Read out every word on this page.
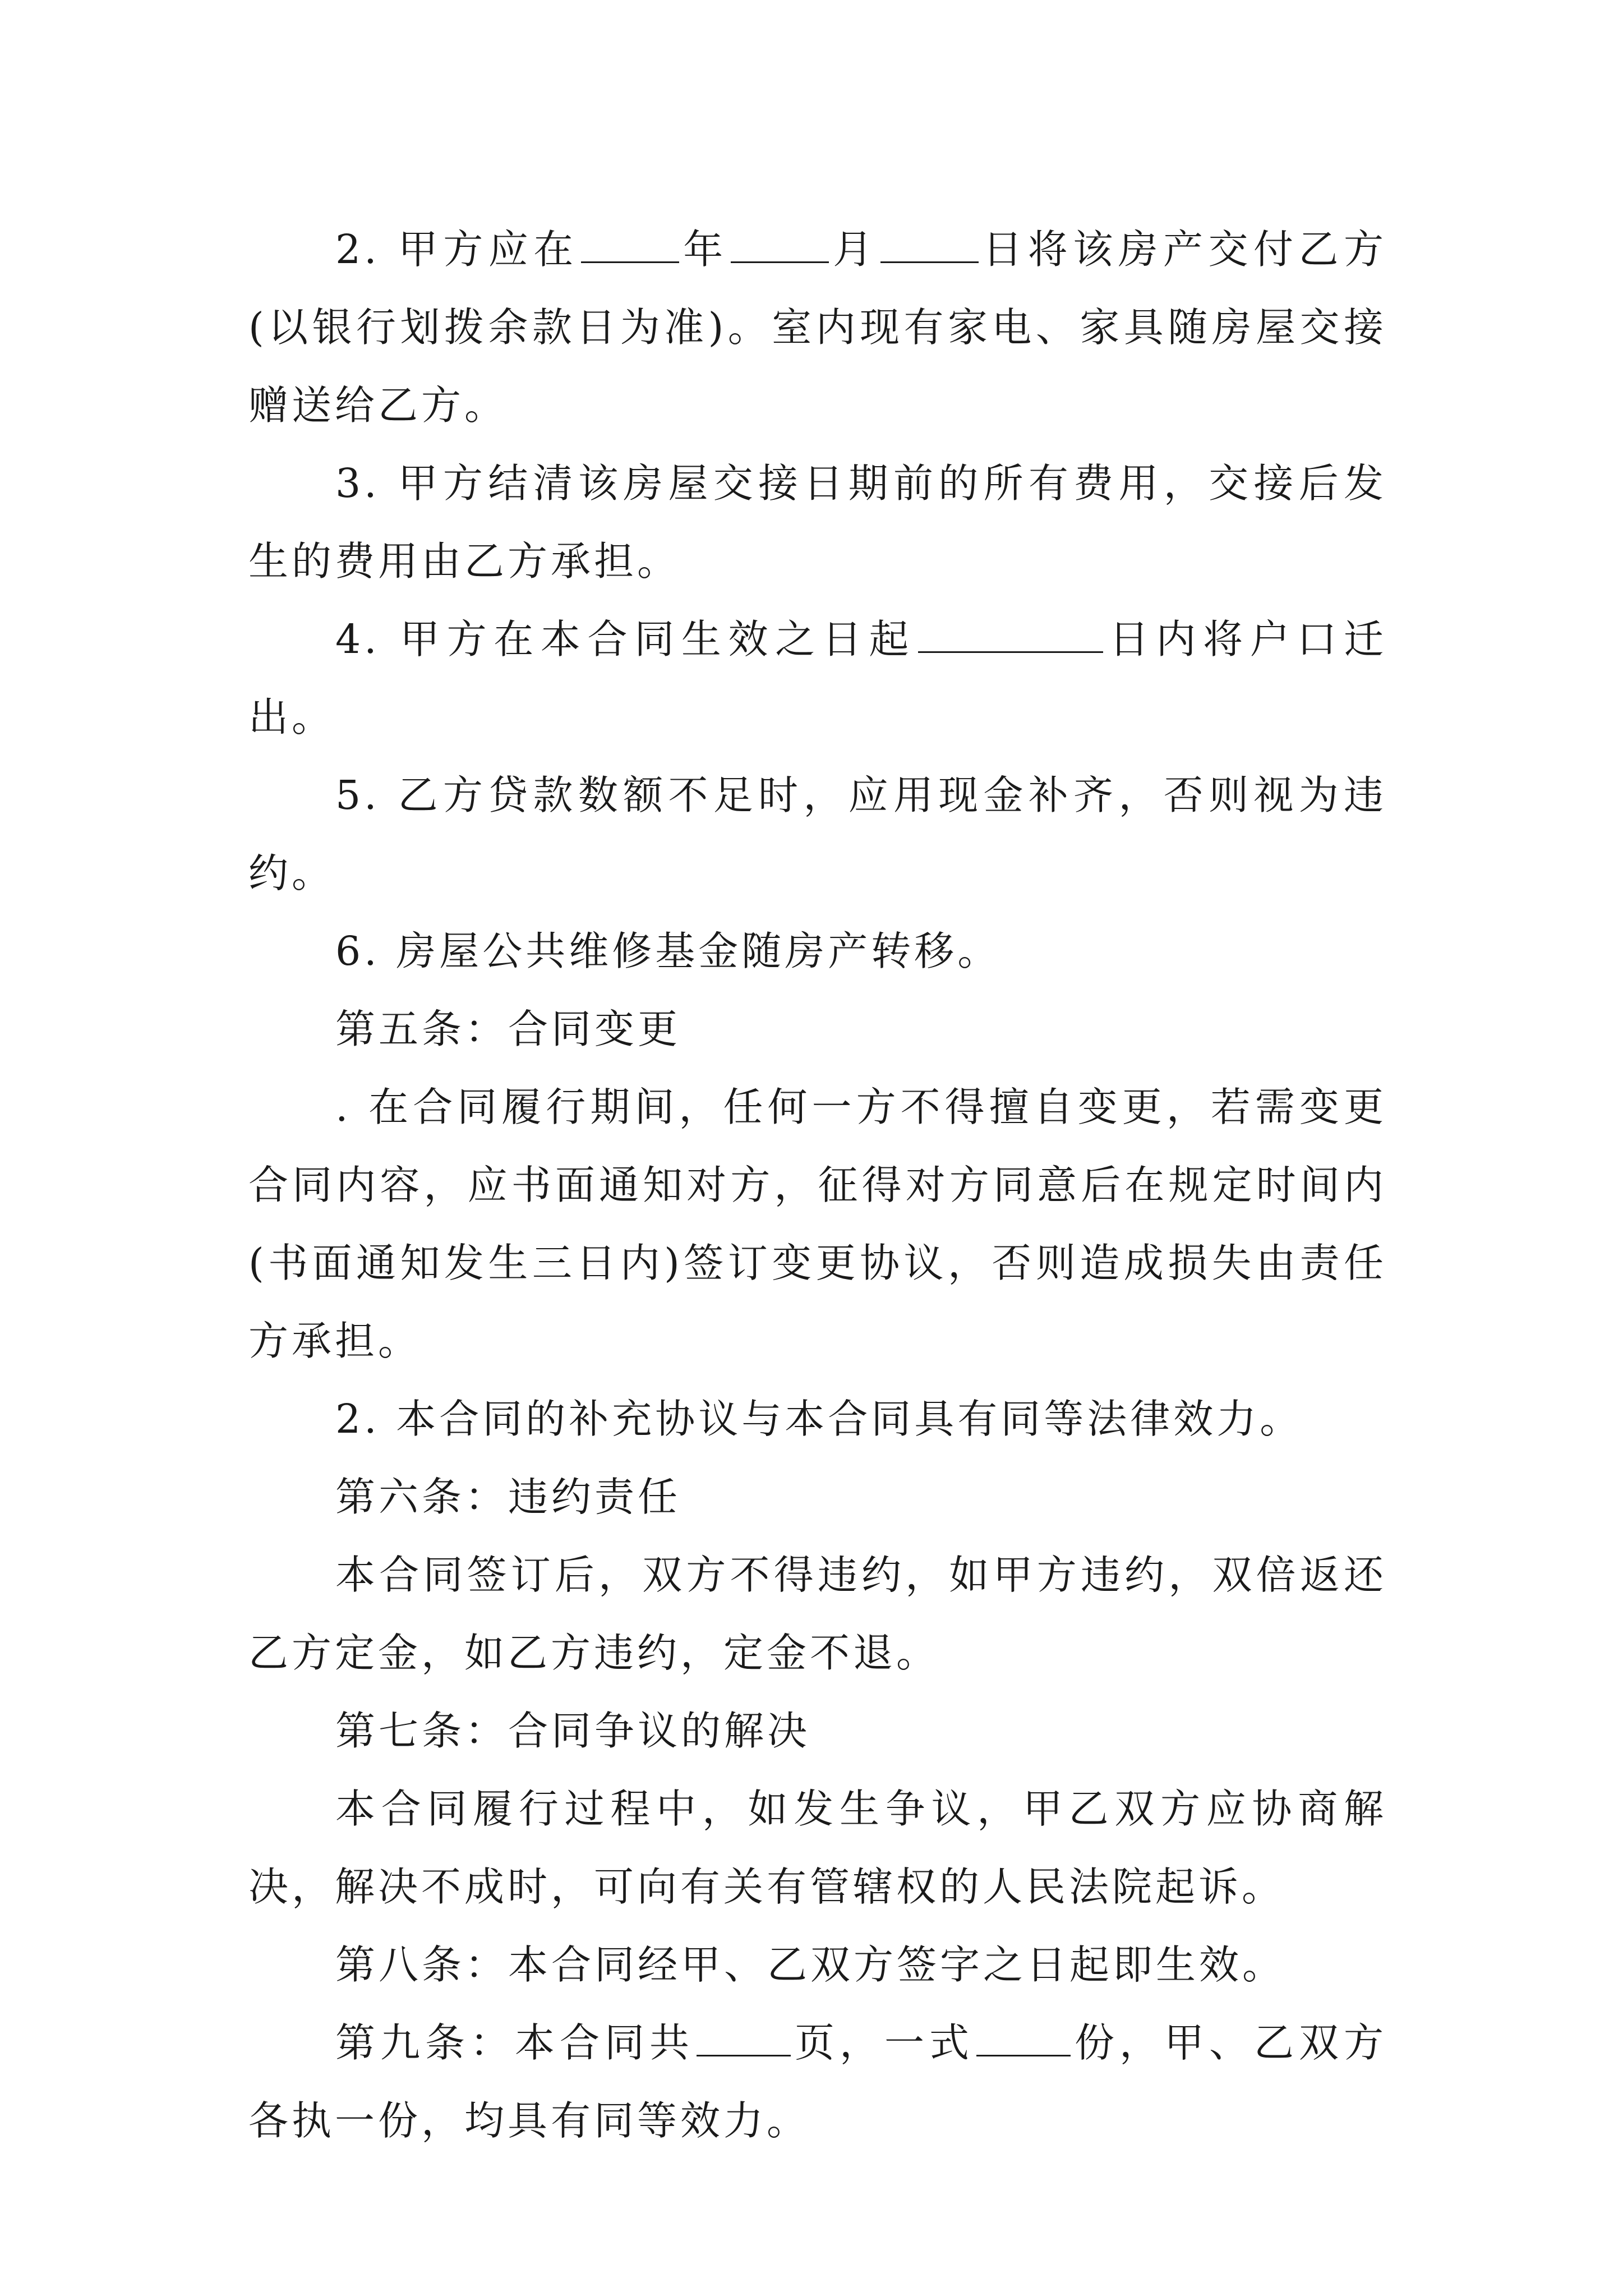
2. 甲方应在	年	月	日将该房产交付乙方(以银行划拨余款日为准)。室内现有家电、家具随房屋交接赠送给乙方。

3. 甲方结清该房屋交接日期前的所有费用，交接后发生的费用由乙方承担。

4. 甲方在本合同生效之日起	日内将户口迁出。

5. 乙方贷款数额不足时，应用现金补齐，否则视为违约。

6. 房屋公共维修基金随房产转移。

第五条：合同变更

. 在合同履行期间，任何一方不得擅自变更，若需变更合同内容，应书面通知对方，征得对方同意后在规定时间内(书面通知发生三日内)签订变更协议，否则造成损失由责任方承担。

2. 本合同的补充协议与本合同具有同等法律效力。

第六条：违约责任

本合同签订后，双方不得违约，如甲方违约，双倍返还乙方定金，如乙方违约，定金不退。

第七条：合同争议的解决

本合同履行过程中，如发生争议，甲乙双方应协商解决，解决不成时，可向有关有管辖权的人民法院起诉。

第八条：本合同经甲、乙双方签字之日起即生效。

第九条：本合同共 页，一式 份，甲、乙双方各执一份，均具有同等效力。
